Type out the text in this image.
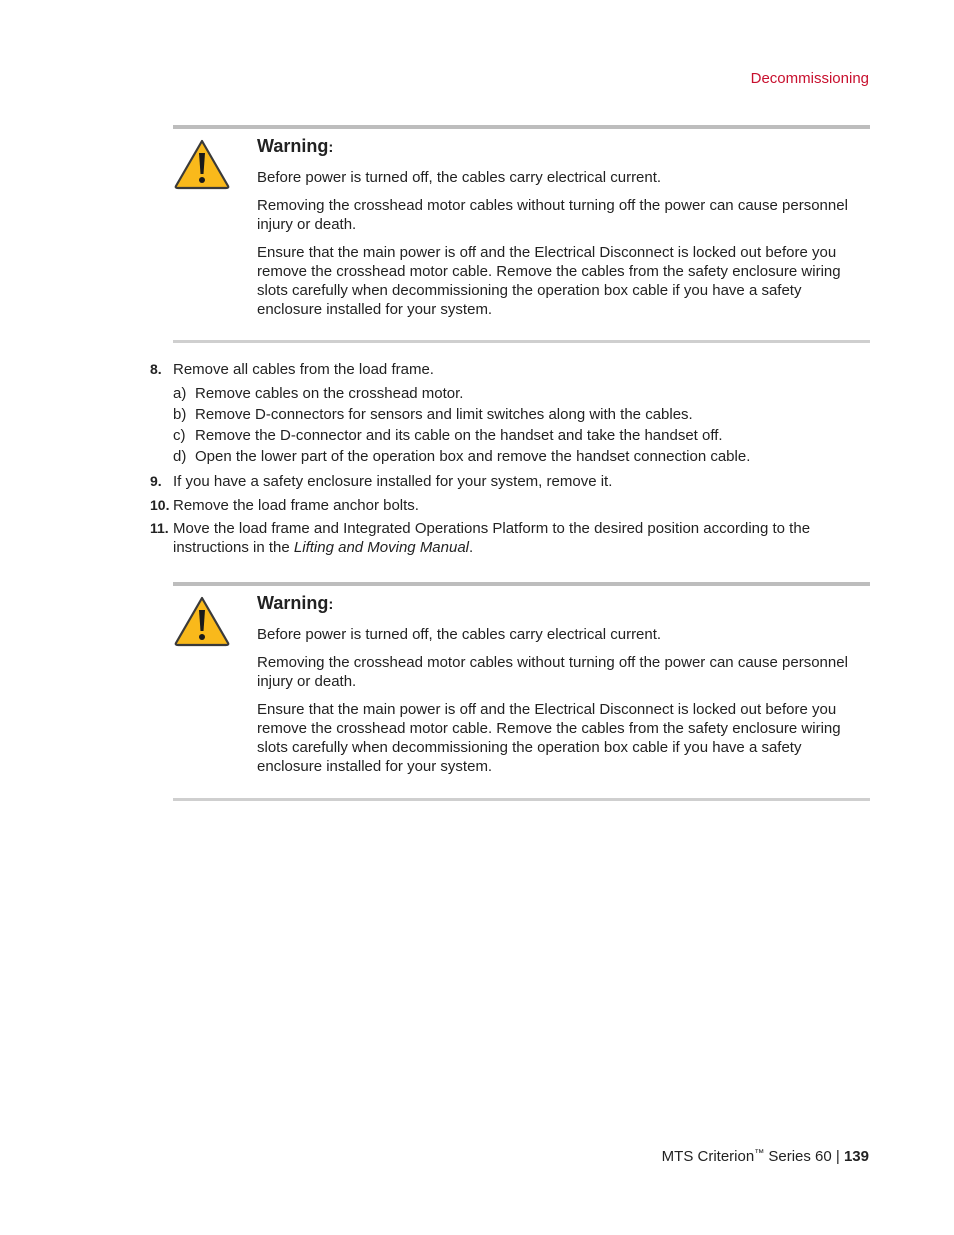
Decommissioning
Warning:

Before power is turned off, the cables carry electrical current.

Removing the crosshead motor cables without turning off the power can cause personnel injury or death.

Ensure that the main power is off and the Electrical Disconnect is locked out before you remove the crosshead motor cable. Remove the cables from the safety enclosure wiring slots carefully when decommissioning the operation box cable if you have a safety enclosure installed for your system.

8. Remove all cables from the load frame.
a) Remove cables on the crosshead motor.
b) Remove D-connectors for sensors and limit switches along with the cables.
c) Remove the D-connector and its cable on the handset and take the handset off.
d) Open the lower part of the operation box and remove the handset connection cable.
9. If you have a safety enclosure installed for your system, remove it.
10. Remove the load frame anchor bolts.
11. Move the load frame and Integrated Operations Platform to the desired position according to the instructions in the Lifting and Moving Manual.
Warning:

Before power is turned off, the cables carry electrical current.

Removing the crosshead motor cables without turning off the power can cause personnel injury or death.

Ensure that the main power is off and the Electrical Disconnect is locked out before you remove the crosshead motor cable. Remove the cables from the safety enclosure wiring slots carefully when decommissioning the operation box cable if you have a safety enclosure installed for your system.

MTS Criterion™ Series 60 | 139
